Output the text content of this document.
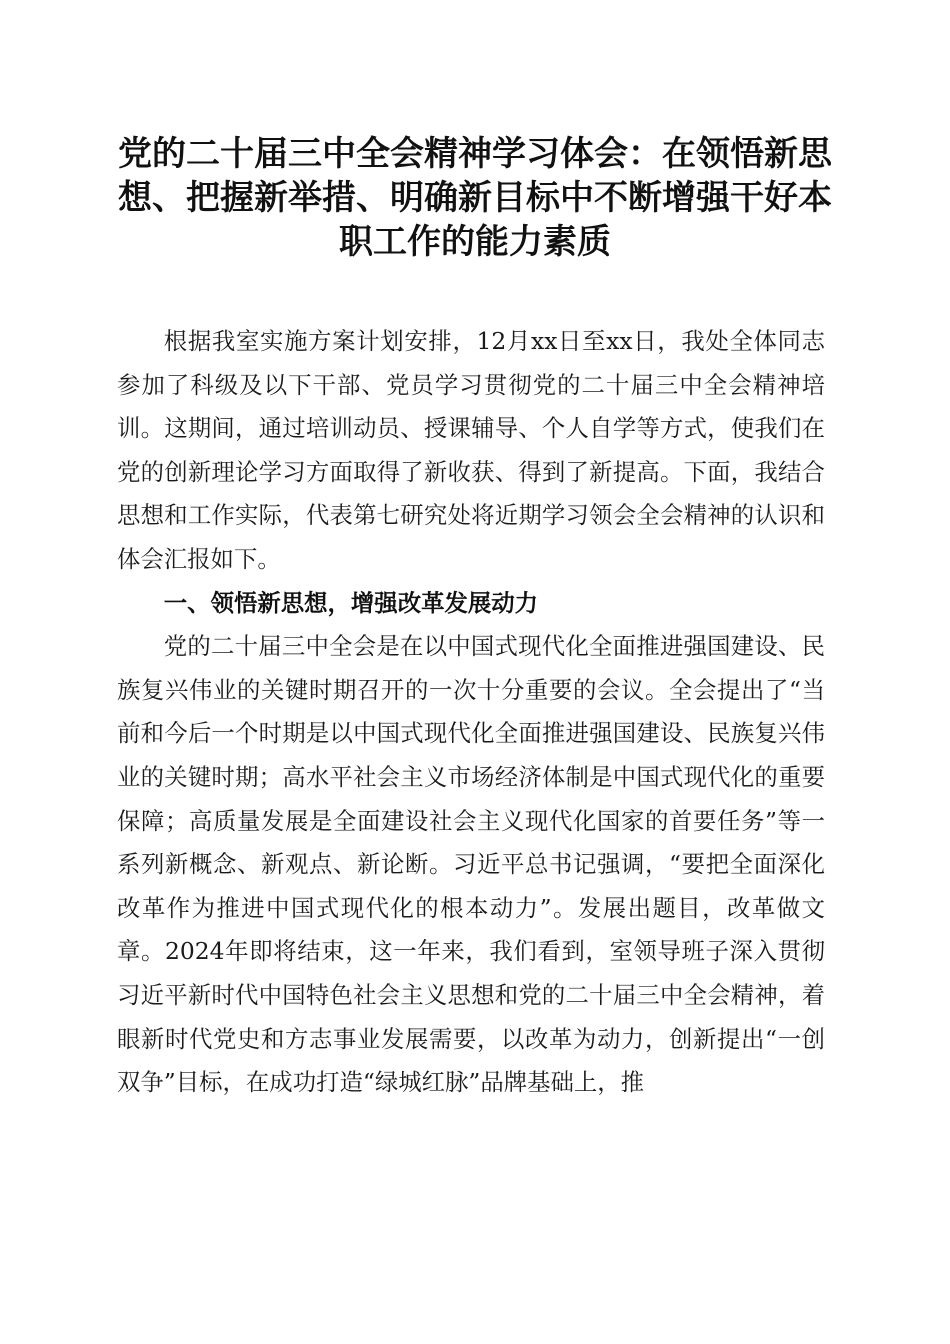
党的二十届三中全会精神学习体会：在领悟新思想、把握新举措、明确新目标中不断增强干好本职工作的能力素质

根据我室实施方案计划安排，12月xx日至xx日，我处全体同志参加了科级及以下干部、党员学习贯彻党的二十届三中全会精神培训。这期间，通过培训动员、授课辅导、个人自学等方式，使我们在党的创新理论学习方面取得了新收获、得到了新提高。下面，我结合思想和工作实际，代表第七研究处将近期学习领会全会精神的认识和体会汇报如下。

一、领悟新思想，增强改革发展动力

党的二十届三中全会是在以中国式现代化全面推进强国建设、民族复兴伟业的关键时期召开的一次十分重要的会议。全会提出了“当前和今后一个时期是以中国式现代化全面推进强国建设、民族复兴伟业的关键时期；高水平社会主义市场经济体制是中国式现代化的重要保障；高质量发展是全面建设社会主义现代化国家的首要任务”等一系列新概念、新观点、新论断。习近平总书记强调，“要把全面深化改革作为推进中国式现代化的根本动力”。发展出题目，改革做文章。2024年即将结束，这一年来，我们看到，室领导班子深入贯彻习近平新时代中国特色社会主义思想和党的二十届三中全会精神，着眼新时代党史和方志事业发展需要，以改革为动力，创新提出“一创双争”目标，在成功打造“绿城红脉”品牌基础上，推
